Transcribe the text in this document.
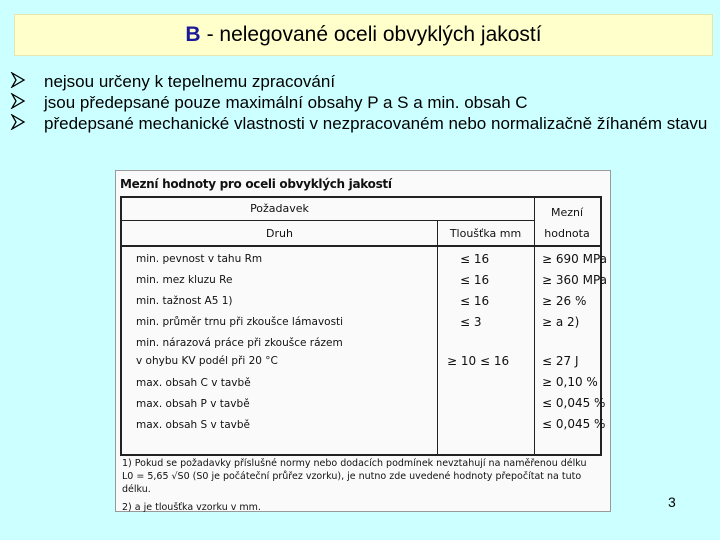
B - nelegované oceli obvyklých jakostí
nejsou určeny k tepelnemu zpracování
jsou předepsané pouze maximální obsahy P a S a min. obsah C
předepsané mechanické vlastnosti v nezpracovaném nebo normalizačně žíhaném stavu
Mezní hodnoty pro oceli obvyklých jakostí
Požadavek
Druh	Tloušťka mm
Mezní
hodnota
min. pevnost v tahu Rm
min. mez kluzu Re
min. tažnost A5 1)
min. průměr trnu při zkoušce lámavosti
min. nárazová práce při zkoušce rázem
v ohybu KV podél při 20 °C
max. obsah C v tavbě
max. obsah P v tavbě
max. obsah S v tavbě
≤ 16
≤ 16
≤ 16
≤ 3
≥ 10 ≤ 16
≥ 690 MPa
≥ 360 MPa
≥ 26 %
≥ a 2)
≤ 27 J
≥ 0,10 %
≤ 0,045 %
≤ 0,045 %
1) Pokud se požadavky příslušné normy nebo dodacích podmínek nevztahují na naměřenou délku L0 = 5,65 √S0 (S0 je počáteční průřez vzorku), je nutno zde uvedené hodnoty přepočítat na tuto délku.
2) a je tloušťka vzorku v mm.	3
